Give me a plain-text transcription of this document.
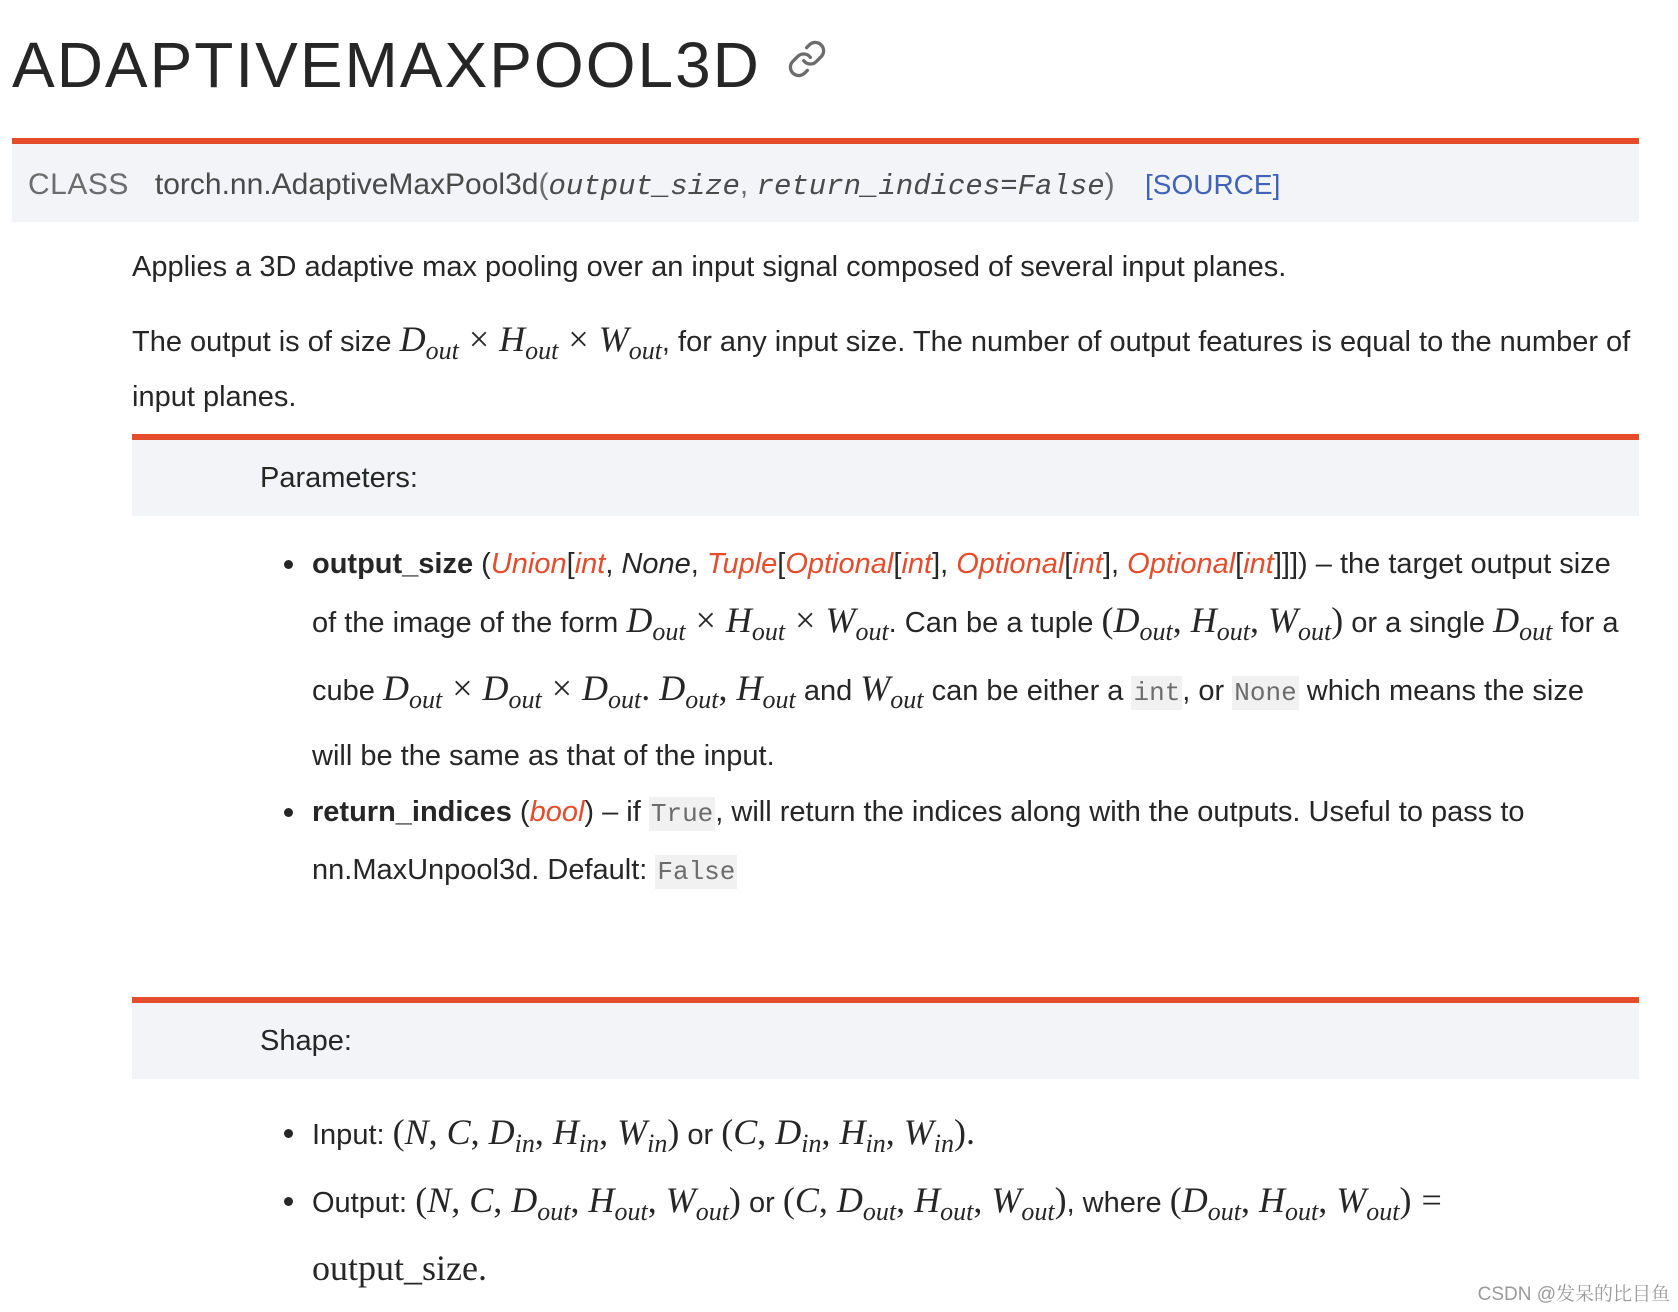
ADAPTIVEMAXPOOL3D
CLASS torch.nn.AdaptiveMaxPool3d(output_size, return_indices=False) [SOURCE]
Applies a 3D adaptive max pooling over an input signal composed of several input planes.
The output is of size $D_{out} \times H_{out} \times W_{out}$, for any input size. The number of output features is equal to the number of input planes.
Parameters:
output_size (Union[int, None, Tuple[Optional[int], Optional[int], Optional[int]]]) – the target output size of the image of the form $D_{out} \times H_{out} \times W_{out}$. Can be a tuple ($D_{out}$, $H_{out}$, $W_{out}$) or a single $D_{out}$ for a cube $D_{out} \times D_{out} \times D_{out}$. $D_{out}$, $H_{out}$ and $W_{out}$ can be either a int, or None which means the size will be the same as that of the input.
return_indices (bool) – if True, will return the indices along with the outputs. Useful to pass to nn.MaxUnpool3d. Default: False
Shape:
Input: (N, C, $D_{in}$, $H_{in}$, $W_{in}$) or (C, $D_{in}$, $H_{in}$, $W_{in}$).
Output: (N, C, $D_{out}$, $H_{out}$, $W_{out}$) or (C, $D_{out}$, $H_{out}$, $W_{out}$), where ($D_{out}$, $H_{out}$, $W_{out}$) = output_size.
CSDN @发呆的比目鱼
